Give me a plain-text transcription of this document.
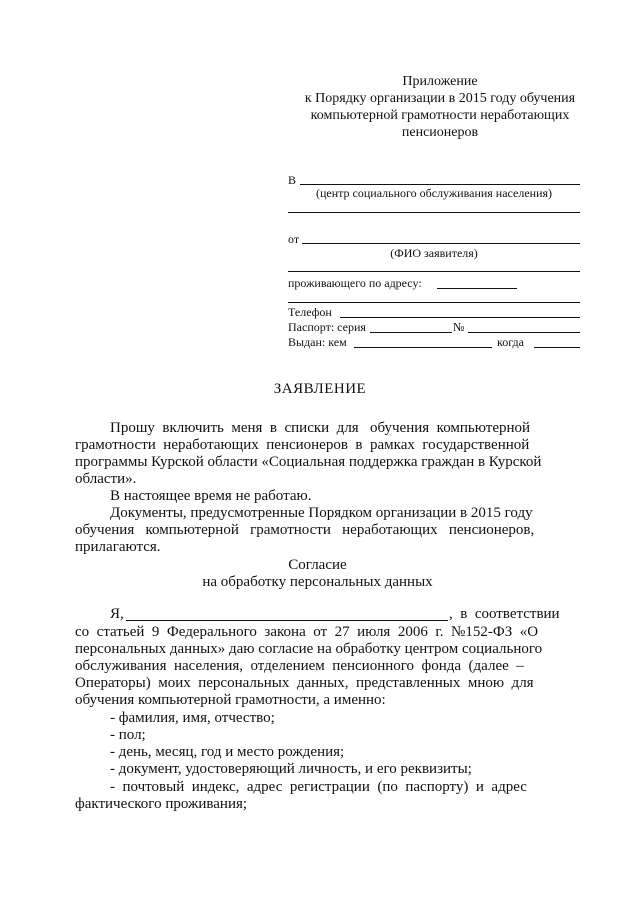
Приложение
к Порядку организации в 2015 году обучения
компьютерной грамотности неработающих
пенсионеров
В
(центр социального обслуживания населения)
от
(ФИО заявителя)
проживающего по адресу:
Телефон
Паспорт: серия	№
Выдан: кем	когда
ЗАЯВЛЕНИЕ
Прошу  включить  меня  в  списки  для   обучения  компьютерной
грамотности  неработающих  пенсионеров  в  рамках  государственной
программы Курской области «Социальная поддержка граждан в Курской
области».
В настоящее время не работаю.
Документы, предусмотренные Порядком организации в 2015 году
обучения   компьютерной   грамотности   неработающих   пенсионеров,
прилагаются.
Согласие
на обработку персональных данных
Я,	,  в  соответствии
со  статьей  9  Федерального  закона  от  27  июля  2006  г.  №152-ФЗ  «О
персональных данных» даю согласие на обработку центром социального
обслуживания  населения,  отделением  пенсионного  фонда  (далее  –
Операторы)  моих  персональных  данных,  представленных  мною  для
обучения компьютерной грамотности, а именно:
- фамилия, имя, отчество;
- пол;
- день, месяц, год и место рождения;
- документ, удостоверяющий личность, и его реквизиты;
-  почтовый  индекс,  адрес  регистрации  (по  паспорту)  и  адрес
фактического проживания;
